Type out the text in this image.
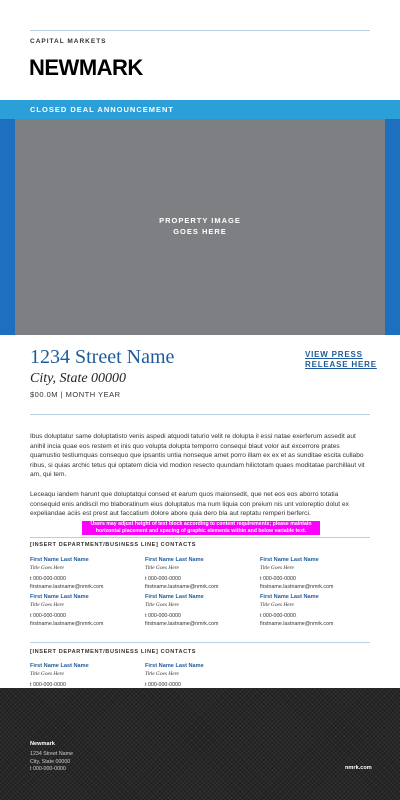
CAPITAL MARKETS
NEWMARK
CLOSED DEAL ANNOUNCEMENT
PROPERTY IMAGE
GOES HERE
1234 Street Name
City, State 00000
$00.0M | MONTH YEAR
VIEW PRESS
RELEASE HERE
Ibus doluptatur same doluptatisto venis aspedi atquodi taturio velit re dolupta il essi natae exerferum assedit aut anihil incia quae eos restem et inis quo volupta dolupta temporro consequi blaut volor aut excerrore prates quamustio testiumquas consequo que ipsantis untia nonseque amet porro illam ex ex et as sunditae escita cullabo ribus, si quias archic tetus qui optatem dicia vid modion resecto quundam hilictotam quaes moditatae parchillaut vit am, qui tem.
Leceaqu iandem harunt que doluptatqui consed et earum quos maionsedit, que net eos eos aborro totatia consequid enis andiscil mo blaboratinum eius doluptatus ma num liquia con preium nis unt voloreptio dolut ex expeliandae aciis est prest aut faccatium dolore abore quia dero bla aut reptatu remperi berferci.
Users may adjust height of text block according to content requirements; please maintain horizontal placement and spacing of graphic elements within and below variable text.
[INSERT DEPARTMENT/BUSINESS LINE] CONTACTS
First Name Last Name
Title Goes Here
t 000-000-0000
firstname.lastname@nmrk.com
First Name Last Name
Title Goes Here
t 000-000-0000
firstname.lastname@nmrk.com
First Name Last Name
Title Goes Here
t 000-000-0000
firstname.lastname@nmrk.com
First Name Last Name
Title Goes Here
t 000-000-0000
firstname.lastname@nmrk.com
First Name Last Name
Title Goes Here
t 000-000-0000
firstname.lastname@nmrk.com
First Name Last Name
Title Goes Here
t 000-000-0000
firstname.lastname@nmrk.com
[INSERT DEPARTMENT/BUSINESS LINE] CONTACTS
First Name Last Name
Title Goes Here
t 000-000-0000
First Name Last Name
Title Goes Here
t 000-000-0000
Newmark
1234 Street Name
City, State 00000
t 000-000-0000	nmrk.com
